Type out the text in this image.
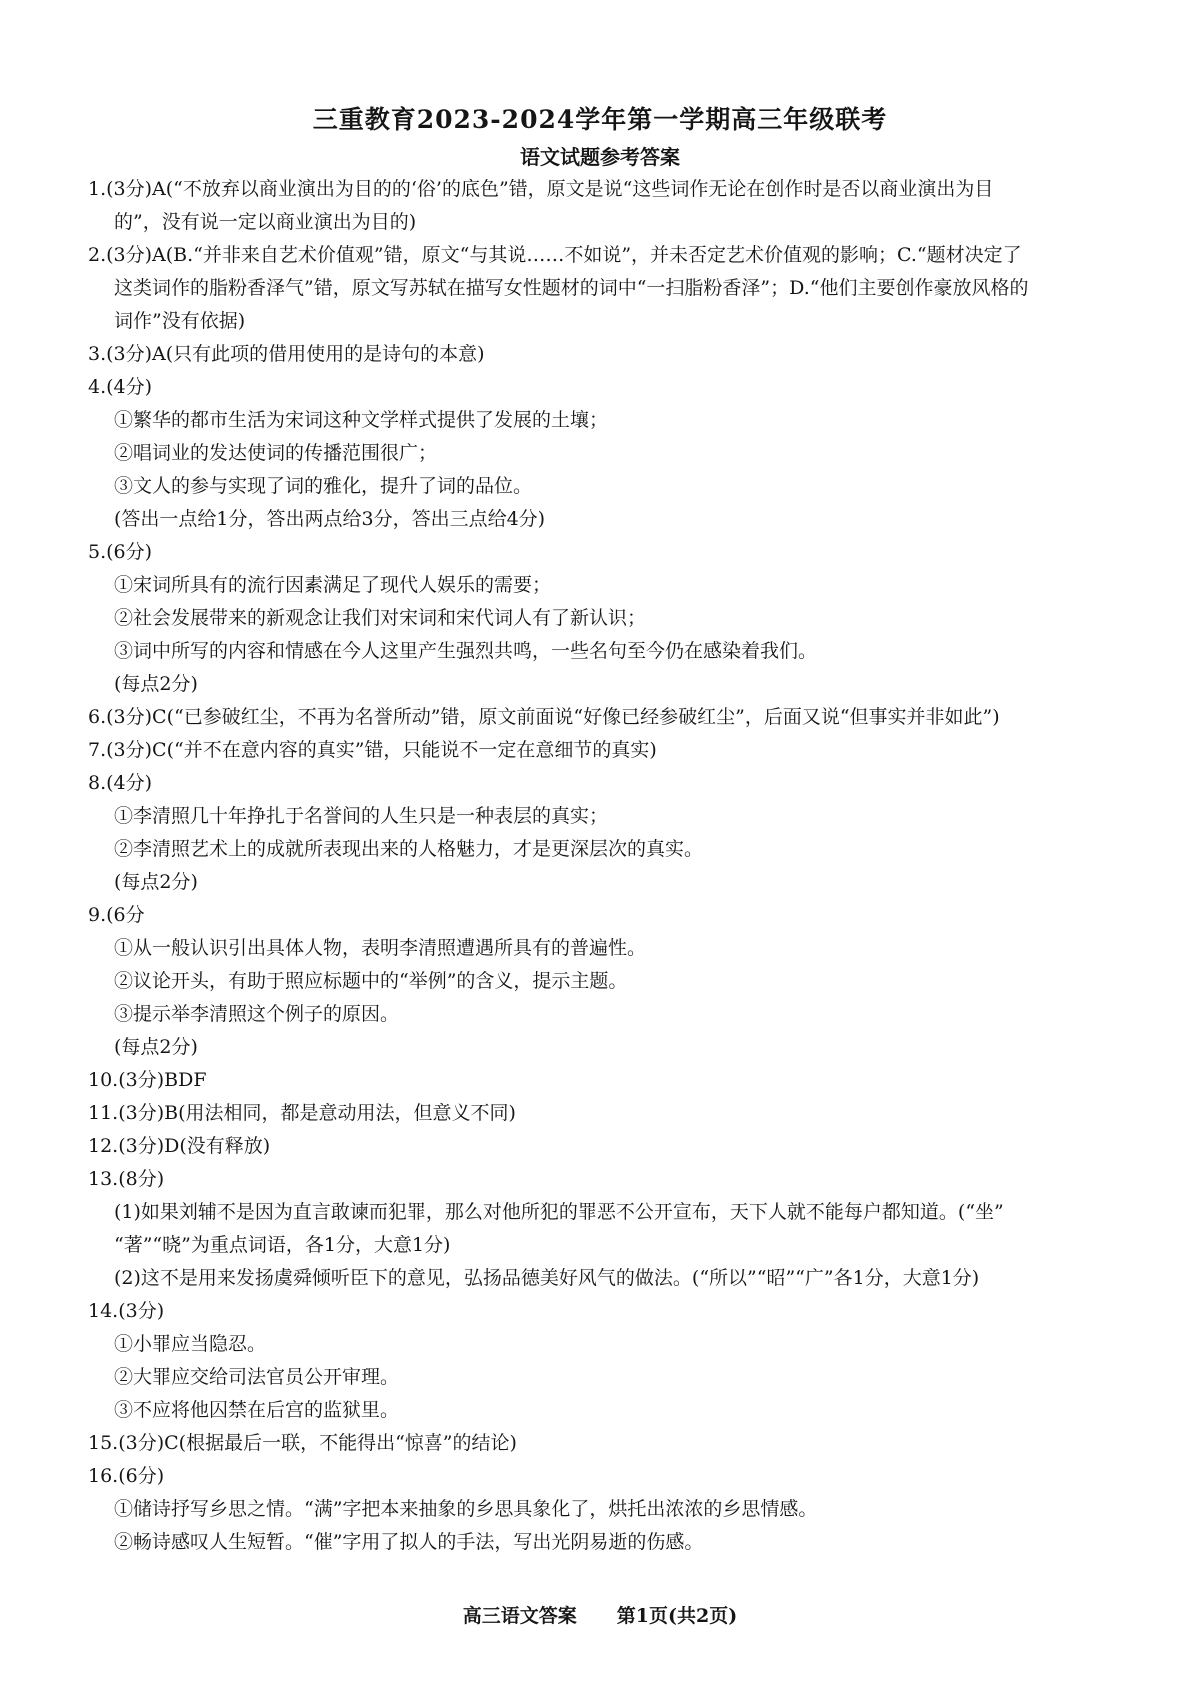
三重教育2023-2024学年第一学期高三年级联考
语文试题参考答案
1.(3分)A(“不放弃以商业演出为目的的‘俗’的底色”错，原文是说“这些词作无论在创作时是否以商业演出为目
的”，没有说一定以商业演出为目的)
2.(3分)A(B.“并非来自艺术价值观”错，原文“与其说……不如说”，并未否定艺术价值观的影响；C.“题材决定了
这类词作的脂粉香泽气”错，原文写苏轼在描写女性题材的词中“一扫脂粉香泽”；D.“他们主要创作豪放风格的
词作”没有依据)
3.(3分)A(只有此项的借用使用的是诗句的本意)
4.(4分)
①繁华的都市生活为宋词这种文学样式提供了发展的土壤；
②唱词业的发达使词的传播范围很广；
③文人的参与实现了词的雅化，提升了词的品位。
(答出一点给1分，答出两点给3分，答出三点给4分)
5.(6分)
①宋词所具有的流行因素满足了现代人娱乐的需要；
②社会发展带来的新观念让我们对宋词和宋代词人有了新认识；
③词中所写的内容和情感在今人这里产生强烈共鸣，一些名句至今仍在感染着我们。
(每点2分)
6.(3分)C(“已参破红尘，不再为名誉所动”错，原文前面说“好像已经参破红尘”，后面又说“但事实并非如此”)
7.(3分)C(“并不在意内容的真实”错，只能说不一定在意细节的真实)
8.(4分)
①李清照几十年挣扎于名誉间的人生只是一种表层的真实；
②李清照艺术上的成就所表现出来的人格魅力，才是更深层次的真实。
(每点2分)
9.(6分
①从一般认识引出具体人物，表明李清照遭遇所具有的普遍性。
②议论开头，有助于照应标题中的“举例”的含义，提示主题。
③提示举李清照这个例子的原因。
(每点2分)
10.(3分)BDF
11.(3分)B(用法相同，都是意动用法，但意义不同)
12.(3分)D(没有释放)
13.(8分)
(1)如果刘辅不是因为直言敢谏而犯罪，那么对他所犯的罪恶不公开宣布，天下人就不能每户都知道。(“坐”
“著”“晓”为重点词语，各1分，大意1分)
(2)这不是用来发扬虞舜倾听臣下的意见，弘扬品德美好风气的做法。(“所以”“昭”“广”各1分，大意1分)
14.(3分)
①小罪应当隐忍。
②大罪应交给司法官员公开审理。
③不应将他囚禁在后宫的监狱里。
15.(3分)C(根据最后一联，不能得出“惊喜”的结论)
16.(6分)
①储诗抒写乡思之情。“满”字把本来抽象的乡思具象化了，烘托出浓浓的乡思情感。
②畅诗感叹人生短暂。“催”字用了拟人的手法，写出光阴易逝的伤感。
高三语文答案 第1页(共2页)
